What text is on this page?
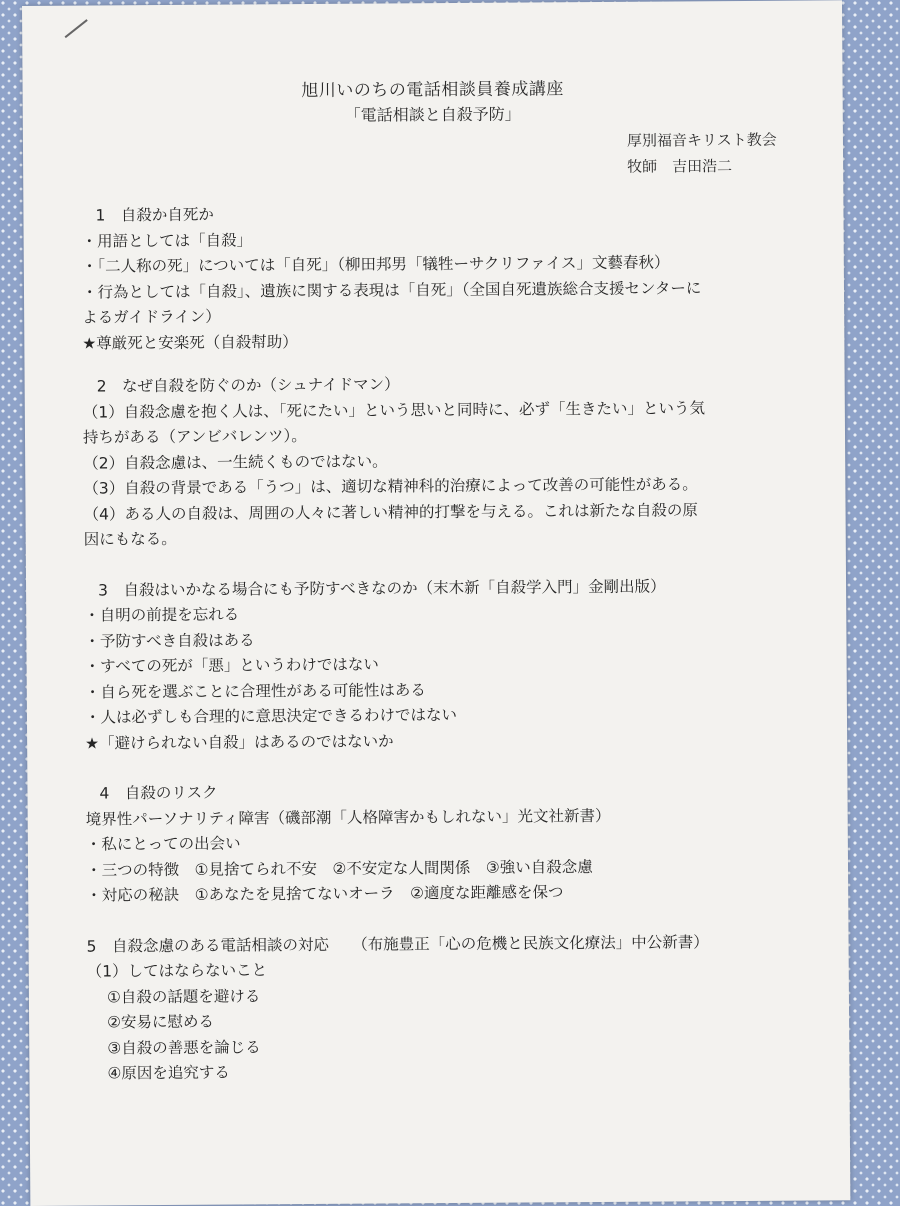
旭川いのちの電話相談員養成講座
「電話相談と自殺予防」
厚別福音キリスト教会
牧師　吉田浩二

1　自殺か自死か

・用語としては「自殺」

・「二人称の死」については「自死」（柳田邦男「犠牲ーサクリファイス」文藝春秋）

・行為としては「自殺」、遺族に関する表現は「自死」（全国自死遺族総合支援センターに

よるガイドライン）

★尊厳死と安楽死（自殺幇助）

2　なぜ自殺を防ぐのか（シュナイドマン）

（1）自殺念慮を抱く人は、「死にたい」という思いと同時に、必ず「生きたい」という気

持ちがある（アンビバレンツ）。

（2）自殺念慮は、一生続くものではない。

（3）自殺の背景である「うつ」は、適切な精神科的治療によって改善の可能性がある。

（4）ある人の自殺は、周囲の人々に著しい精神的打撃を与える。これは新たな自殺の原

因にもなる。

3　自殺はいかなる場合にも予防すべきなのか（末木新「自殺学入門」金剛出版）

・自明の前提を忘れる

・予防すべき自殺はある

・すべての死が「悪」というわけではない

・自ら死を選ぶことに合理性がある可能性はある

・人は必ずしも合理的に意思決定できるわけではない

★「避けられない自殺」はあるのではないか

4　自殺のリスク

境界性パーソナリティ障害（磯部潮「人格障害かもしれない」光文社新書）

・私にとっての出会い

・三つの特徴　①見捨てられ不安　②不安定な人間関係　③強い自殺念慮

・対応の秘訣　①あなたを見捨てないオーラ　②適度な距離感を保つ

5　自殺念慮のある電話相談の対応　　（布施豊正「心の危機と民族文化療法」中公新書）

（1）してはならないこと

①自殺の話題を避ける

②安易に慰める

③自殺の善悪を論じる

④原因を追究する
